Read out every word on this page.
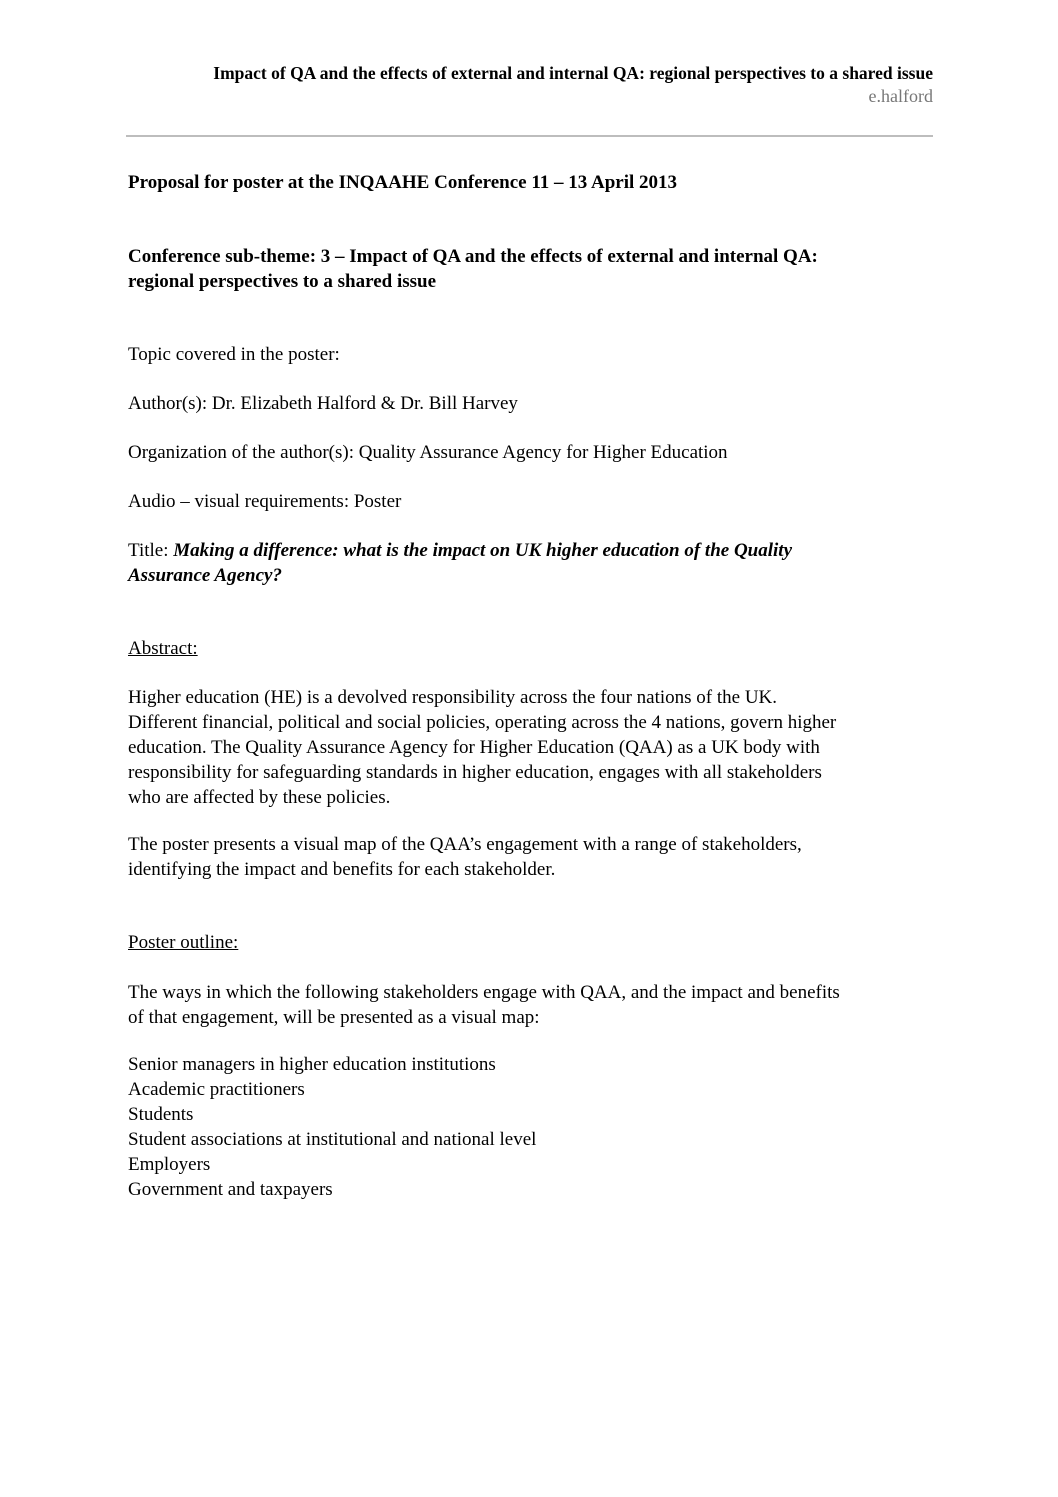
Impact of QA and the effects of external and internal QA: regional perspectives to a shared issue
e.halford
Proposal for poster at the INQAAHE Conference 11 – 13 April 2013
Conference sub-theme: 3 – Impact of QA and the effects of external and internal QA:
regional perspectives to a shared issue
Topic covered in the poster:
Author(s): Dr. Elizabeth Halford & Dr. Bill Harvey
Organization of the author(s): Quality Assurance Agency for Higher Education
Audio – visual requirements: Poster
Title: Making a difference: what is the impact on UK higher education of the Quality
Assurance Agency?
Abstract:
Higher education (HE) is a devolved responsibility across the four nations of the UK.
Different financial, political and social policies, operating across the 4 nations, govern higher
education. The Quality Assurance Agency for Higher Education (QAA) as a UK body with
responsibility for safeguarding standards in higher education, engages with all stakeholders
who are affected by these policies.
The poster presents a visual map of the QAA’s engagement with a range of stakeholders,
identifying the impact and benefits for each stakeholder.
Poster outline:
The ways in which the following stakeholders engage with QAA, and the impact and benefits
of that engagement, will be presented as a visual map:
Senior managers in higher education institutions
Academic practitioners
Students
Student associations at institutional and national level
Employers
Government and taxpayers
